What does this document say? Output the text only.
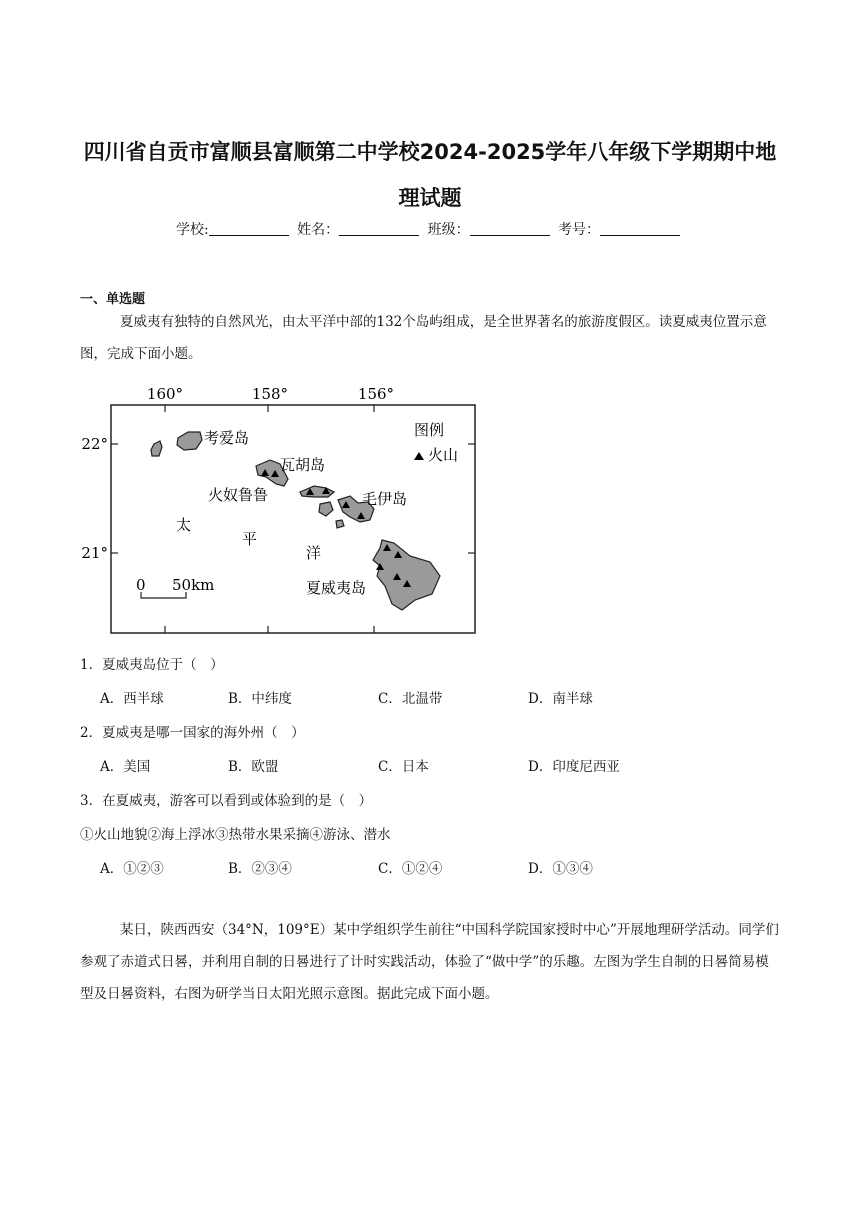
四川省自贡市富顺县富顺第二中学校2024-2025学年八年级下学期期中地
理试题
学校:	姓名：	班级：	考号：
一、单选题
夏威夷有独特的自然风光，由太平洋中部的132个岛屿组成，是全世界著名的旅游度假区。读夏威夷位置示意图，完成下面小题。
160°	158°	156°
22°
21°
考爱岛
瓦胡岛
火奴鲁鲁	毛伊岛
夏威夷岛
太
平
洋
图例
火山
0 50km
1．夏威夷岛位于（　）
A．西半球	B．中纬度	C．北温带	D．南半球
2．夏威夷是哪一国家的海外州（　）
A．美国	B．欧盟	C．日本	D．印度尼西亚
3．在夏威夷，游客可以看到或体验到的是（　）
①火山地貌②海上浮冰③热带水果采摘④游泳、潜水
A．①②③	B．②③④	C．①②④	D．①③④
某日，陕西西安（34°N，109°E）某中学组织学生前往“中国科学院国家授时中心”开展地理研学活动。同学们参观了赤道式日晷，并利用自制的日晷进行了计时实践活动，体验了“做中学”的乐趣。左图为学生自制的日晷简易模型及日晷资料，右图为研学当日太阳光照示意图。据此完成下面小题。
